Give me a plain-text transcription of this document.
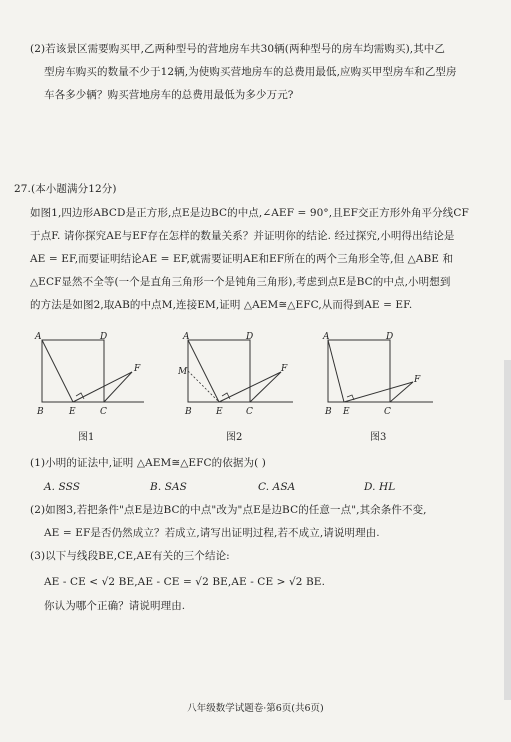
(2)若该景区需要购买甲,乙两种型号的营地房车共30辆(两种型号的房车均需购买),其中乙
型房车购买的数量不少于12辆,为使购买营地房车的总费用最低,应购买甲型房车和乙型房
车各多少辆？购买营地房车的总费用最低为多少万元?
27.(本小题满分12分)
如图1,四边形ABCD是正方形,点E是边BC的中点,∠AEF = 90°,且EF交正方形外角平分线CF
于点F. 请你探究AE与EF存在怎样的数量关系？并证明你的结论. 经过探究,小明得出结论是
AE = EF,而要证明结论AE = EF,就需要证明AE和EF所在的两个三角形全等,但 △ABE 和
△ECF显然不全等(一个是直角三角形一个是钝角三角形),考虑到点E是BC的中点,小明想到
的方法是如图2,取AB的中点M,连接EM,证明 △AEM≅△EFC,从而得到AE = EF.
A	D
F
B	E	C
图1
A	D
M	F
B	E	C
图2
A	D
F
B E	C
图3
(1)小明的证法中,证明 △AEM≅△EFC的依据为( )
A. SSS	B. SAS	C. ASA	D. HL
(2)如图3,若把条件"点E是边BC的中点"改为"点E是边BC的任意一点",其余条件不变,
AE = EF是否仍然成立？若成立,请写出证明过程,若不成立,请说明理由.
(3)以下与线段BE,CE,AE有关的三个结论:
AE - CE < √2 BE,AE - CE = √2 BE,AE - CE > √2 BE.
你认为哪个正确？请说明理由.
八年级数学试题卷·第6页(共6页)
